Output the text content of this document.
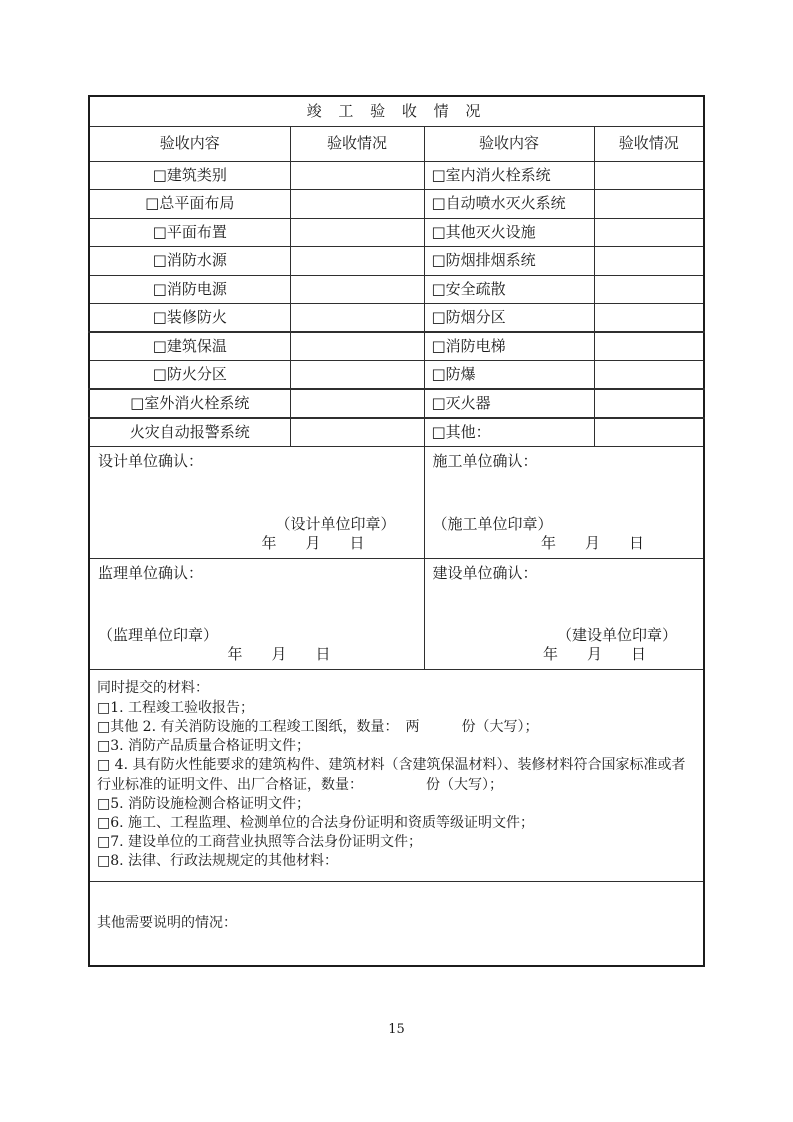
竣 工 验 收 情 况			
验收内容	验收情况	验收内容	验收情况
□建筑类别		□室内消火栓系统	
□总平面布局		□自动喷水灭火系统	
□平面布置		□其他灭火设施	
□消防水源		□防烟排烟系统	
□消防电源		□安全疏散	
□装修防火		□防烟分区	
□建筑保温		□消防电梯	
□防火分区		□防爆	
□室外消火栓系统		□灭火器	
火灾自动报警系统		□其他：	

设计单位确认：
（设计单位印章）
年　月　日

施工单位确认：
（施工单位印章）
年　月　日

监理单位确认：
（监理单位印章）
年　月　日

建设单位确认：
（建设单位印章）
年　月　日

同时提交的材料：
□1. 工程竣工验收报告；
□其他 2. 有关消防设施的工程竣工图纸，数量：　两　　　份（大写）；
□3. 消防产品质量合格证明文件；
□ 4. 具有防火性能要求的建筑构件、建筑材料（含建筑保温材料）、装修材料符合国家标准或者行业标准的证明文件、出厂合格证，数量：　　　　　份（大写）；
□5. 消防设施检测合格证明文件；
□6. 施工、工程监理、检测单位的合法身份证明和资质等级证明文件；
□7. 建设单位的工商营业执照等合法身份证明文件；
□8. 法律、行政法规规定的其他材料：

其他需要说明的情况：			
15
